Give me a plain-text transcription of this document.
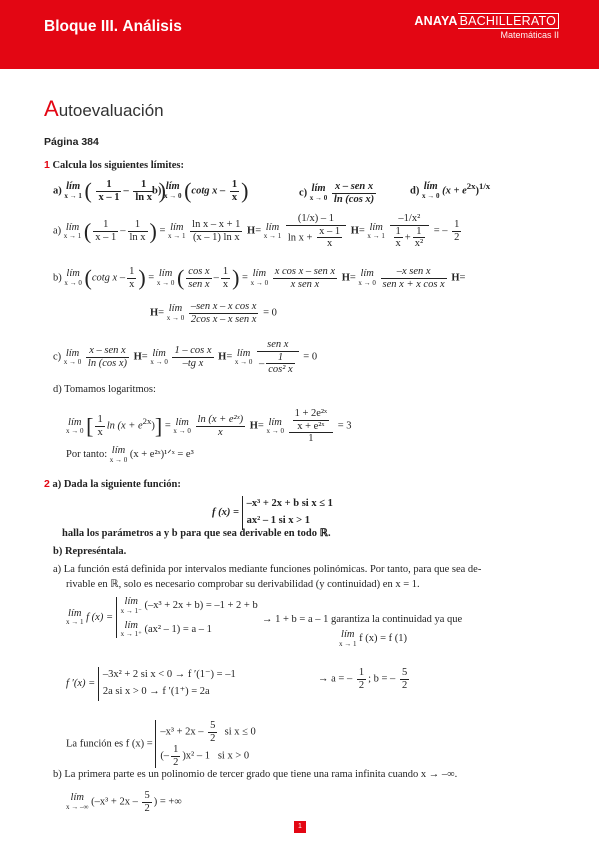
Bloque III. Análisis	ANAYA BACHILLERATO
Matemáticas II
Autoevaluación
Página 384
1 Calcula los siguientes límites:
a) lím
x → 1 ( $\frac{1}{x - 1} - \frac{1}{\text{ln x}}$ )
b) lím
x → 0 (cotg x – $\frac{1}{x}$ )	c) lím
x → 0
$\frac{\text{x – sen x}}{\text{ln (cos x)}}$	d) lím
x → 0 $(x + e^{2x})^{1/x}$
a) lím
x → 1 ( $\frac{1}{x - 1} - \frac{1}{\text{ln x}}$ ) = lím
x → 1
$\frac{\text{ln x – x + 1}}{\text{(x – 1) ln x}} H=$ lím
x → 1
$\frac{(1/x) - 1}{\ln x + \frac{x - 1}{x}} H=$ lím
x → 1
$\frac{\text{–1/x²}}{\frac{1}{x} + \frac{1}{\text{x²}}}$ = – $\frac{1}{2}$
b) lím
x → 0 (cotg x – $\frac{1}{x}$ ) = lím
x → 0 ( $\frac{\text{cos x}}{\text{sen x}} - \frac{1}{x}$ ) = lím
x → 0
$\frac{\text{x cos x – sen x}}{\text{x sen x}} H=$ lím
x → 0
$\frac{\text{–x sen x}}{\text{sen x + x cos x}} H=$
H= lím
x → 0
$\frac{\text{–sen x – x cos x}}{\text{2cos x – x sen x}} = 0$
c) lím
x → 0
$\frac{\text{x – sen x}}{\text{ln (cos x)}} H=$ lím
x → 0
$\frac{\text{1 – cos x}}{\text{–tg x}} H=$ lím
x → 0
$\frac{\text{sen x}}{- \frac{1}{\text{cos² x}}} = 0$
d) Tomamos logaritmos:
lím
x → 0 [ $\frac{1}{x}$ $\ln (x + e^{2x})$] = lím
x → 0
$\frac{\text{ln (x + e²ˣ)}}{x} H=$ lím
x → 0
$\frac{\frac{\text{1 + 2e²ˣ}}{\text{x + e²ˣ}}}{1} = 3$
Por tanto: lím
x → 0 (x + e²ˣ)¹ᐟˣ = e³
2 a) Dada la siguiente función:
f (x) =
–x³ + 2x + b si x ≤ 1
ax² – 1 si x > 1
halla los parámetros a y b para que sea derivable en todo ℝ.
b) Represéntala.
a) La función está definida por intervalos mediante funciones polinómicas. Por tanto, para que sea de-
rivable en ℝ, solo es necesario comprobar su derivabilidad (y continuidad) en x = 1.
lím
x → 1 f (x) =
lím
x → 1⁻ (–x³ + 2x + b) = –1 + 2 + b
lím
x → 1⁺ (ax² – 1) = a – 1
→ 1 + b = a – 1 garantiza la continuidad ya que
lím
x → 1 f (x) = f (1)
f ′(x) =
–3x² + 2 si x < 0 → f ′(1⁻) = –1
2a si x > 0 → f ′(1⁺) = 2a
→ a = – $\frac{1}{2}$ ; b = – $\frac{5}{2}$
La función es f (x) =
$-x^3 + 2x - \frac{5}{2}$ si x ≤ 0
(– $\frac{1}{2} )x^2 - 1$ si x > 0
b) La primera parte es un polinomio de tercer grado que tiene una rama infinita cuando x → –∞.
lím
x → –∞ ($-x^3 + 2x - \frac{5}{2}$ ) = +∞
1
